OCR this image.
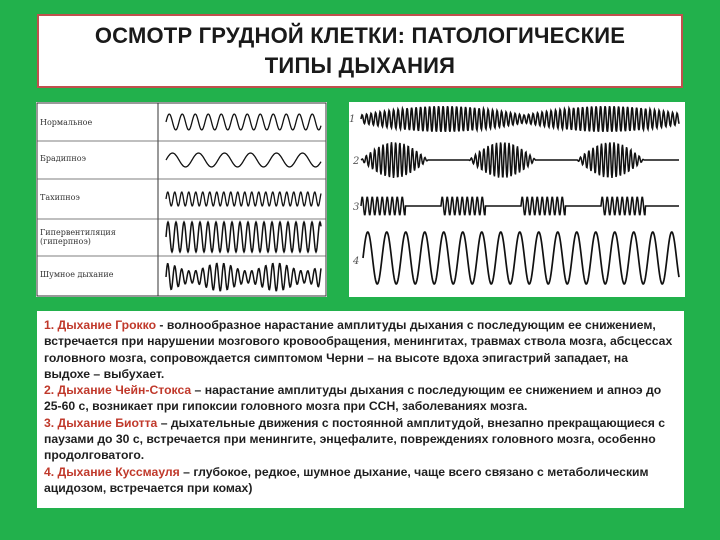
ОСМОТР ГРУДНОЙ КЛЕТКИ: ПАТОЛОГИЧЕСКИЕ
ТИПЫ ДЫХАНИЯ
Нормальное
Брадипноэ
Тахипноэ
Гипервентиляция (гиперпноэ)
Шумное дыхание
1
2
3
4

1. Дыхание Грокко - волнообразное нарастание амплитуды дыхания с последующим ее снижением, встречается при нарушении мозгового кровообращения, менингитах, травмах ствола мозга, абсцессах головного мозга, сопровождается симптомом Черни – на высоте вдоха эпигастрий западает, на выдохе – выбухает.

2. Дыхание Чейн-Стокса – нарастание амплитуды дыхания с последующим ее снижением и апноэ до 25-60 с, возникает при гипоксии головного мозга при ССН, заболеваниях мозга.

3. Дыхание Биотта – дыхательные движения с постоянной амплитудой, внезапно прекращающиеся с паузами до 30 с, встречается при менингите, энцефалите, повреждениях головного мозга, особенно продолговатого.

4. Дыхание Куссмауля – глубокое, редкое, шумное дыхание, чаще всего связано с метаболическим ацидозом, встречается при комах)
